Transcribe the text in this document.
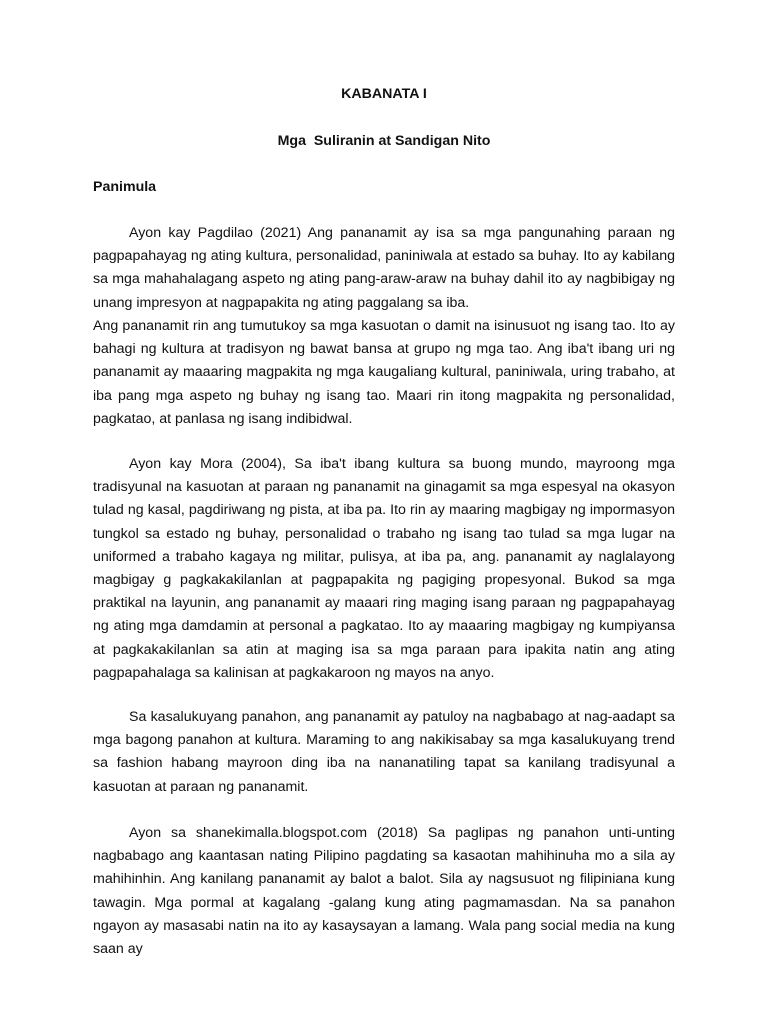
KABANATA I

Mga  Suliranin at Sandigan Nito

Panimula

Ayon kay Pagdilao (2021) Ang pananamit ay isa sa mga pangunahing paraan ng pagpapahayag ng ating kultura, personalidad, paniniwala at estado sa buhay. Ito ay kabilang sa mga mahahalagang aspeto ng ating pang-araw-araw na buhay dahil ito ay nagbibigay ng unang impresyon at nagpapakita ng ating paggalang sa iba.

Ang pananamit rin ang tumutukoy sa mga kasuotan o damit na isinusuot ng isang tao. Ito ay bahagi ng kultura at tradisyon ng bawat bansa at grupo ng mga tao. Ang iba't ibang uri ng pananamit ay maaaring magpakita ng mga kaugaliang kultural, paniniwala, uring trabaho, at iba pang mga aspeto ng buhay ng isang tao. Maari rin itong magpakita ng personalidad, pagkatao, at panlasa ng isang indibidwal.

Ayon kay Mora (2004), Sa iba't ibang kultura sa buong mundo, mayroong mga tradisyunal na kasuotan at paraan ng pananamit na ginagamit sa mga espesyal na okasyon tulad ng kasal, pagdiriwang ng pista, at iba pa. Ito rin ay maaring magbigay ng impormasyon tungkol sa estado ng buhay, personalidad o trabaho ng isang tao tulad sa mga lugar na uniformed a trabaho kagaya ng militar, pulisya, at iba pa, ang. pananamit ay naglalayong magbigay g pagkakakilanlan at pagpapakita ng pagiging propesyonal. Bukod sa mga praktikal na layunin, ang pananamit ay maaari ring maging isang paraan ng pagpapahayag ng ating mga damdamin at personal a pagkatao. Ito ay maaaring magbigay ng kumpiyansa at pagkakakilanlan sa atin at maging isa sa mga paraan para ipakita natin ang ating pagpapahalaga sa kalinisan at pagkakaroon ng mayos na anyo.

Sa kasalukuyang panahon, ang pananamit ay patuloy na nagbabago at nag-aadapt sa mga bagong panahon at kultura. Maraming to ang nakikisabay sa mga kasalukuyang trend sa fashion habang mayroon ding iba na nananatiling tapat sa kanilang tradisyunal a kasuotan at paraan ng pananamit.

Ayon sa shanekimalla.blogspot.com (2018) Sa paglipas ng panahon unti-unting nagbabago ang kaantasan nating Pilipino pagdating sa kasaotan mahihinuha mo a sila ay mahihinhin. Ang kanilang pananamit ay balot a balot. Sila ay nagsusuot ng filipiniana kung tawagin. Mga pormal at kagalang -galang kung ating pagmamasdan. Na sa panahon ngayon ay masasabi natin na ito ay kasaysayan a lamang. Wala pang social media na kung saan ay
